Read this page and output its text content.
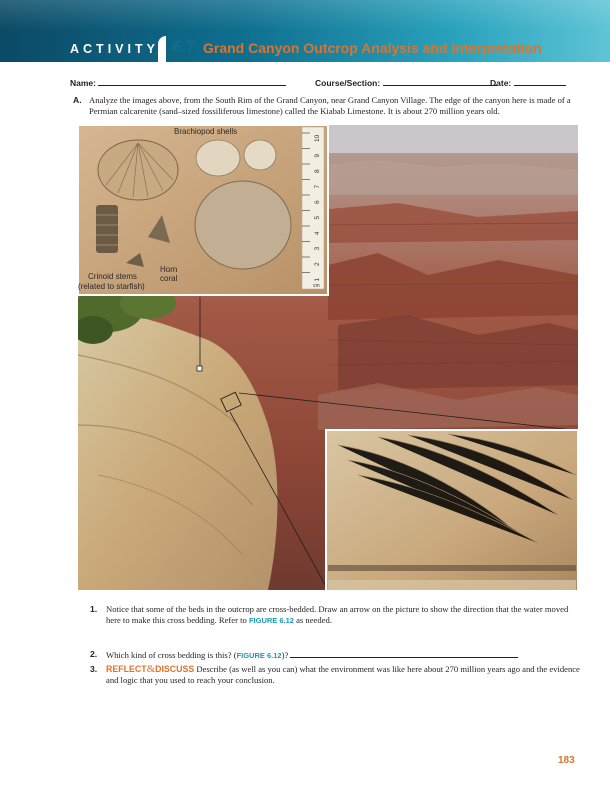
ACTIVITY 6.7 Grand Canyon Outcrop Analysis and Interpretation
Name:	Course/Section:	Date:
A. Analyze the images above, from the South Rim of the Grand Canyon, near Grand Canyon Village. The edge of the canyon here is made of a Permian calcarenite (sand–sized fossiliferous limestone) called the Kiabab Limestone. It is about 270 million years old.
10
9
8
7
6
5
4
3
2
1
cm
Brachiopod shells
Crinoid stems
(related to starfish)
Horn
coral
1.	Notice that some of the beds in the outcrop are cross-bedded. Draw an arrow on the picture to show the direction that the water moved here to make this cross bedding. Refer to FIGURE 6.12 as needed.
2.	Which kind of cross bedding is this? (FIGURE 6.12)?
3.	REFLECT&DISCUSS Describe (as well as you can) what the environment was like here about 270 million years ago and the evidence and logic that you used to reach your conclusion.
183
